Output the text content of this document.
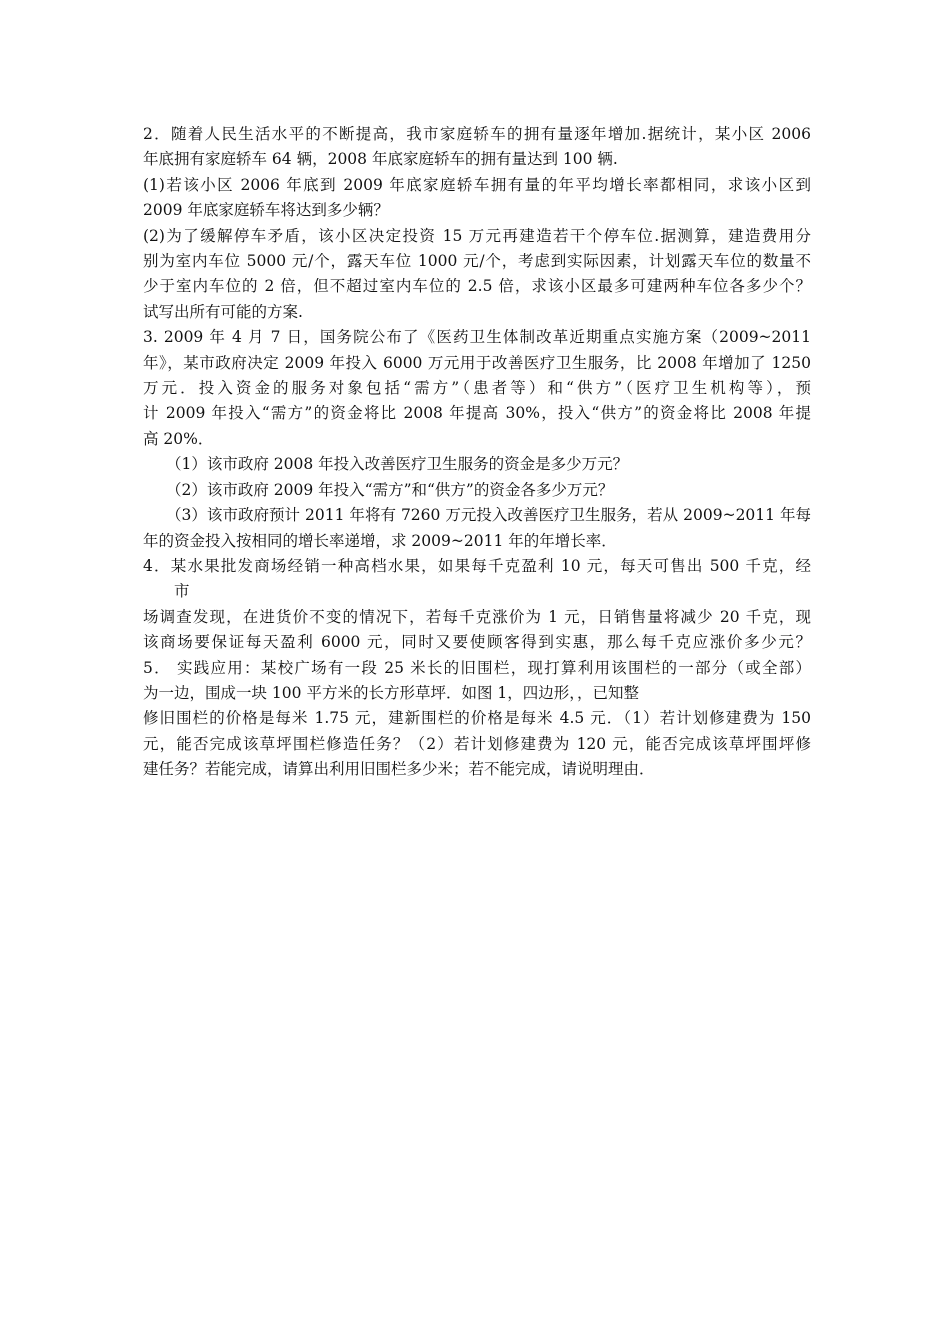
2．随着人民生活水平的不断提高，我市家庭轿车的拥有量逐年增加.据统计，某小区 2006
年底拥有家庭轿车 64 辆，2008 年底家庭轿车的拥有量达到 100 辆.
(1)若该小区 2006 年底到 2009 年底家庭轿车拥有量的年平均增长率都相同，求该小区到
2009 年底家庭轿车将达到多少辆？
(2)为了缓解停车矛盾，该小区决定投资 15 万元再建造若干个停车位.据测算，建造费用分
别为室内车位 5000 元/个，露天车位 1000 元/个，考虑到实际因素，计划露天车位的数量不
少于室内车位的 2 倍，但不超过室内车位的 2.5 倍，求该小区最多可建两种车位各多少个？
试写出所有可能的方案.
3. 2009 年 4 月 7 日，国务院公布了《医药卫生体制改革近期重点实施方案（2009~2011
年》，某市政府决定 2009 年投入 6000 万元用于改善医疗卫生服务，比 2008 年增加了 1250
万元．投入资金的服务对象包括“需方”（患者等）和“供方”（医疗卫生机构等），预
计 2009 年投入“需方”的资金将比 2008 年提高 30%，投入“供方”的资金将比 2008 年提
高 20%．
（1）该市政府 2008 年投入改善医疗卫生服务的资金是多少万元？
（2）该市政府 2009 年投入“需方”和“供方”的资金各多少万元？
（3）该市政府预计 2011 年将有 7260 万元投入改善医疗卫生服务，若从 2009~2011 年每
年的资金投入按相同的增长率递增，求 2009~2011 年的年增长率．
4．某水果批发商场经销一种高档水果，如果每千克盈利 10 元，每天可售出 500 千克，经
市
场调查发现，在进货价不变的情况下，若每千克涨价为 1 元，日销售量将减少 20 千克，现
该商场要保证每天盈利 6000 元，同时又要使顾客得到实惠，那么每千克应涨价多少元？
5． 实践应用：某校广场有一段 25 米长的旧围栏，现打算利用该围栏的一部分（或全部）
为一边，围成一块 100 平方米的长方形草坪．如图 1，四边形，，已知整
修旧围栏的价格是每米 1.75 元，建新围栏的价格是每米 4.5 元．（1）若计划修建费为 150
元，能否完成该草坪围栏修造任务？（2）若计划修建费为 120 元，能否完成该草坪围坪修
建任务？若能完成，请算出利用旧围栏多少米；若不能完成，请说明理由．
